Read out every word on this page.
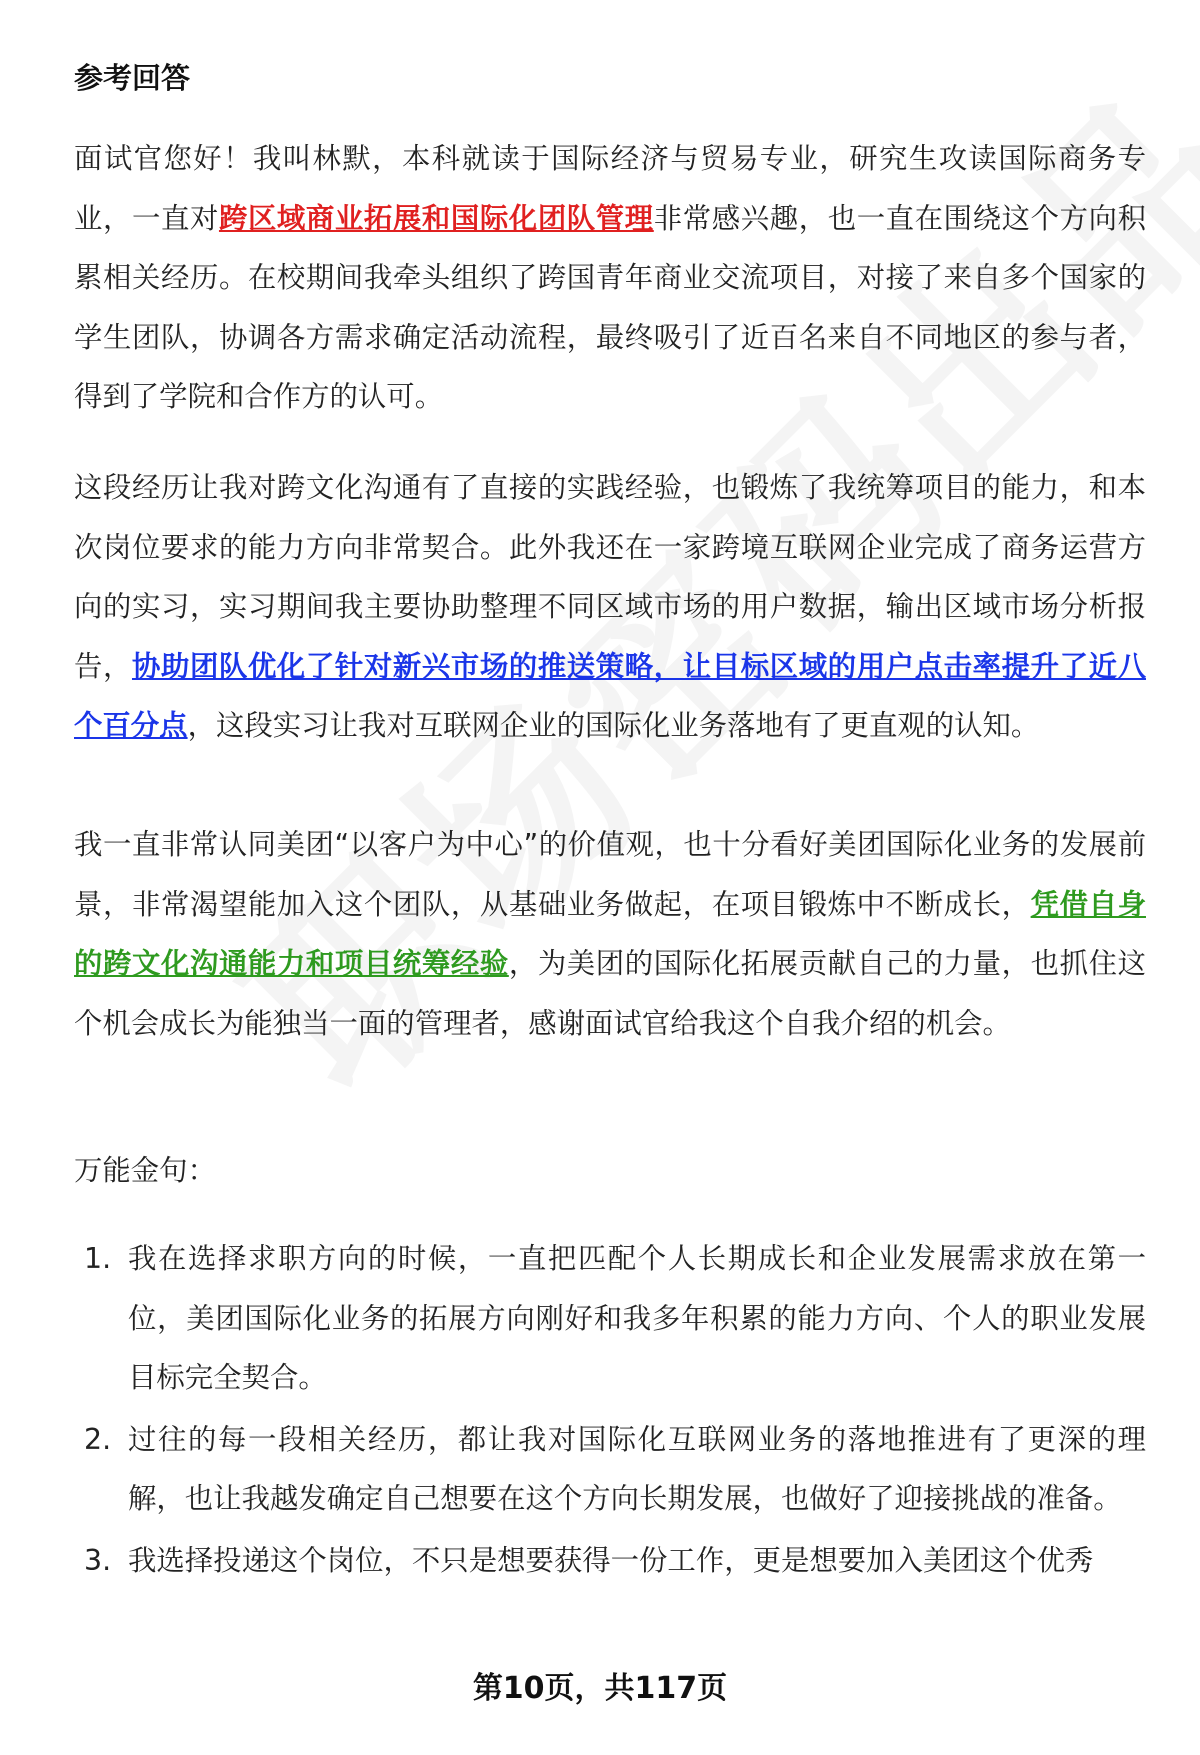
参考回答

面试官您好！我叫林默，本科就读于国际经济与贸易专业，研究生攻读国际商务专业，一直对跨区域商业拓展和国际化团队管理非常感兴趣，也一直在围绕这个方向积累相关经历。在校期间我牵头组织了跨国青年商业交流项目，对接了来自多个国家的学生团队，协调各方需求确定活动流程，最终吸引了近百名来自不同地区的参与者，得到了学院和合作方的认可。

这段经历让我对跨文化沟通有了直接的实践经验，也锻炼了我统筹项目的能力，和本次岗位要求的能力方向非常契合。此外我还在一家跨境互联网企业完成了商务运营方向的实习，实习期间我主要协助整理不同区域市场的用户数据，输出区域市场分析报告，协助团队优化了针对新兴市场的推送策略，让目标区域的用户点击率提升了近八个百分点，这段实习让我对互联网企业的国际化业务落地有了更直观的认知。

我一直非常认同美团“以客户为中心”的价值观，也十分看好美团国际化业务的发展前景，非常渴望能加入这个团队，从基础业务做起，在项目锻炼中不断成长，凭借自身的跨文化沟通能力和项目统筹经验，为美团的国际化拓展贡献自己的力量，也抓住这个机会成长为能独当一面的管理者，感谢面试官给我这个自我介绍的机会。

万能金句：

1. 我在选择求职方向的时候，一直把匹配个人长期成长和企业发展需求放在第一位，美团国际化业务的拓展方向刚好和我多年积累的能力方向、个人的职业发展目标完全契合。
2. 过往的每一段相关经历，都让我对国际化互联网业务的落地推进有了更深的理解，也让我越发确定自己想要在这个方向长期发展，也做好了迎接挑战的准备。
3. 我选择投递这个岗位，不只是想要获得一份工作，更是想要加入美团这个优秀
第10页，共117页
